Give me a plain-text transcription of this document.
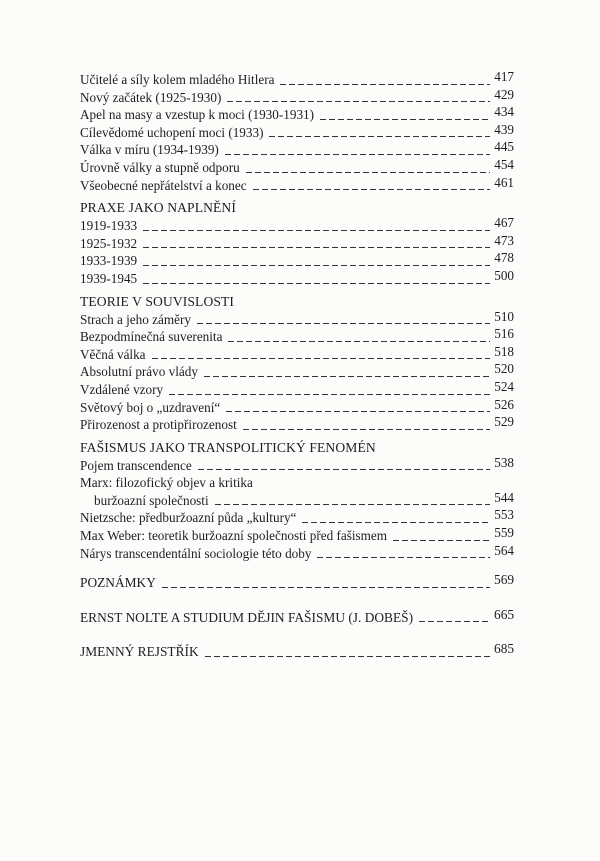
Učitelé a síly kolem mladého Hitlera	417
Nový začátek (1925-1930)	429
Apel na masy a vzestup k moci (1930-1931)	434
Cílevědomé uchopení moci (1933)	439
Válka v míru (1934-1939)	445
Úrovně války a stupně odporu	454
Všeobecné nepřátelství a konec	461
PRAXE JAKO NAPLNĚNÍ
1919-1933	467
1925-1932	473
1933-1939	478
1939-1945	500
TEORIE V SOUVISLOSTI
Strach a jeho záměry	510
Bezpodmínečná suverenita	516
Věčná válka	518
Absolutní právo vlády	520
Vzdálené vzory	524
Světový boj o „uzdravení“	526
Přirozenost a protipřirozenost	529
FAŠISMUS JAKO TRANSPOLITICKÝ FENOMÉN
Pojem transcendence	538
Marx: filozofický objev a kritika
buržoazní společnosti	544
Nietzsche: předburžoazní půda „kultury“	553
Max Weber: teoretik buržoazní společnosti před fašismem	559
Nárys transcendentální sociologie této doby	564
POZNÁMKY	569
ERNST NOLTE A STUDIUM DĚJIN FAŠISMU (J. DOBEŠ)	665
JMENNÝ REJSTŘÍK	685
